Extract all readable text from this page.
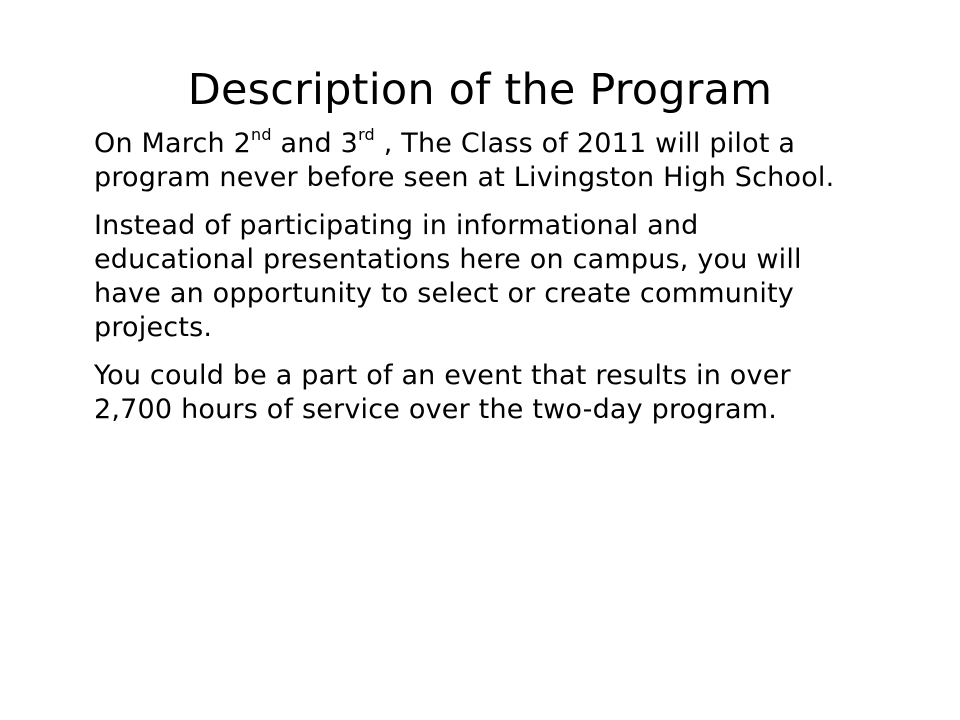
Description of the Program
On March 2nd and 3rd , The Class of 2011 will pilot a program never before seen at Livingston High School.
Instead of participating in informational and educational presentations here on campus, you will have an opportunity to select or create community projects.
You could be a part of an event that results in over 2,700 hours of service over the two-day program.
